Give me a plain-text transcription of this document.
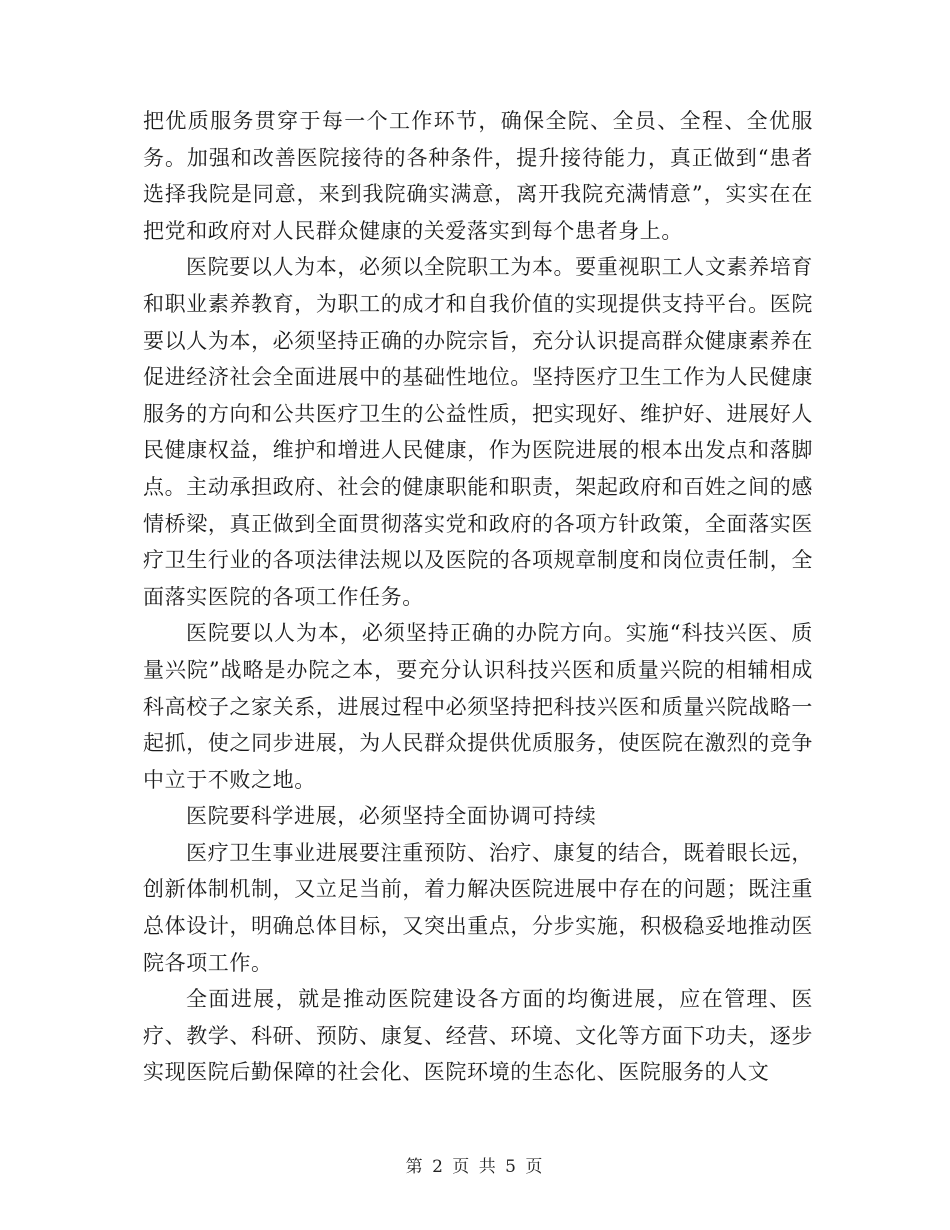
把优质服务贯穿于每一个工作环节，确保全院、全员、全程、全优服务。加强和改善医院接待的各种条件，提升接待能力，真正做到“患者选择我院是同意，来到我院确实满意，离开我院充满情意”，实实在在把党和政府对人民群众健康的关爱落实到每个患者身上。

医院要以人为本，必须以全院职工为本。要重视职工人文素养培育和职业素养教育，为职工的成才和自我价值的实现提供支持平台。医院要以人为本，必须坚持正确的办院宗旨，充分认识提高群众健康素养在促进经济社会全面进展中的基础性地位。坚持医疗卫生工作为人民健康服务的方向和公共医疗卫生的公益性质，把实现好、维护好、进展好人民健康权益，维护和增进人民健康，作为医院进展的根本出发点和落脚点。主动承担政府、社会的健康职能和职责，架起政府和百姓之间的感情桥梁，真正做到全面贯彻落实党和政府的各项方针政策，全面落实医疗卫生行业的各项法律法规以及医院的各项规章制度和岗位责任制，全面落实医院的各项工作任务。

医院要以人为本，必须坚持正确的办院方向。实施“科技兴医、质量兴院”战略是办院之本，要充分认识科技兴医和质量兴院的相辅相成 科高校子之家关系，进展过程中必须坚持把科技兴医和质量兴院战略一起抓，使之同步进展，为人民群众提供优质服务，使医院在激烈的竞争中立于不败之地。

医院要科学进展，必须坚持全面协调可持续

医疗卫生事业进展要注重预防、治疗、康复的结合，既着眼长远，创新体制机制，又立足当前，着力解决医院进展中存在的问题；既注重总体设计，明确总体目标，又突出重点，分步实施，积极稳妥地推动医院各项工作。

全面进展，就是推动医院建设各方面的均衡进展，应在管理、医疗、教学、科研、预防、康复、经营、环境、文化等方面下功夫，逐步实现医院后勤保障的社会化、医院环境的生态化、医院服务的人文

第 2 页 共 5 页
